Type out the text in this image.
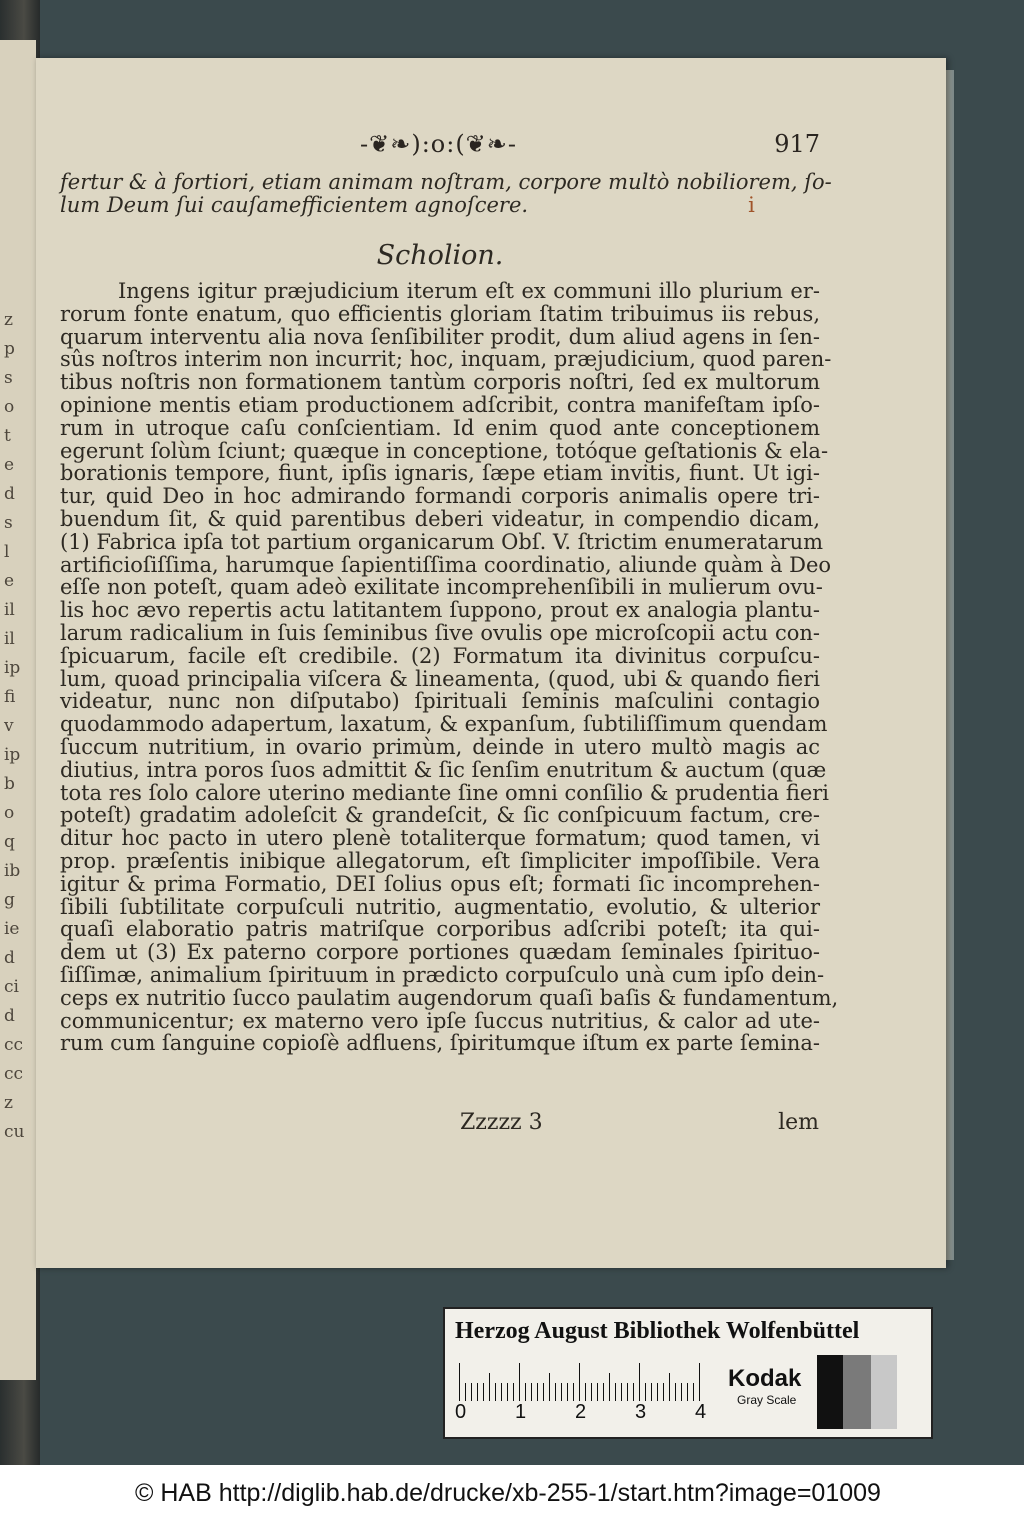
z
p
s
o
t
e
d
s
l
e
il
il
ip
fi
v
ip
b
o
q
ib
g
ie
d
ci
d
cc
cc
z
cu
-❦❧):o:(❦❧-	917
fertur & à fortiori, etiam animam noſtram, corpore multò nobiliorem, ſo-
lum Deum ſui cauſamefficientem agnoſcere.	i
Scholion.
Ingens igitur præjudicium iterum eſt ex communi illo plurium er-
rorum fonte enatum, quo efficientis gloriam ſtatim tribuimus iis rebus,
quarum interventu alia nova ſenſibiliter prodit, dum aliud agens in ſen-
sûs noſtros interim non incurrit; hoc, inquam, præjudicium, quod paren-
tibus noſtris non formationem tantùm corporis noſtri, ſed ex multorum
opinione mentis etiam productionem adſcribit, contra manifeſtam ipſo-
rum in utroque caſu conſcientiam. Id enim quod ante conceptionem
egerunt ſolùm ſciunt; quæque in conceptione, totóque geſtationis & ela-
borationis tempore, fiunt, ipſis ignaris, ſæpe etiam invitis, fiunt. Ut igi-
tur, quid Deo in hoc admirando formandi corporis animalis opere tri-
buendum ſit, & quid parentibus deberi videatur, in compendio dicam,
(1) Fabrica ipſa tot partium organicarum Obſ. V. ſtrictim enumeratarum
artificioſiſſima, harumque ſapientiſſima coordinatio, aliunde quàm à Deo
eſſe non poteſt, quam adeò exilitate incomprehenſibili in mulierum ovu-
lis hoc ævo repertis actu latitantem ſuppono, prout ex analogia plantu-
larum radicalium in ſuis ſeminibus ſive ovulis ope microſcopii actu con-
ſpicuarum, facile eſt credibile. (2) Formatum ita divinitus corpuſcu-
lum, quoad principalia viſcera & lineamenta, (quod, ubi & quando fieri
videatur, nunc non diſputabo) ſpirituali ſeminis maſculini contagio
quodammodo adapertum, laxatum, & expanſum, ſubtiliſſimum quendam
ſuccum nutritium, in ovario primùm, deinde in utero multò magis ac
diutius, intra poros ſuos admittit & ſic ſenſim enutritum & auctum (quæ
tota res ſolo calore uterino mediante ſine omni conſilio & prudentia fieri
poteſt) gradatim adoleſcit & grandeſcit, & ſic conſpicuum factum, cre-
ditur hoc pacto in utero plenè totaliterque formatum; quod tamen, vi
prop. præſentis inibique allegatorum, eſt ſimpliciter impoſſibile. Vera
igitur & prima Formatio, DEI ſolius opus eſt; formati ſic incomprehen-
ſibili ſubtilitate corpuſculi nutritio, augmentatio, evolutio, & ulterior
quaſi elaboratio patris matriſque corporibus adſcribi poteſt; ita qui-
dem ut (3) Ex paterno corpore portiones quædam ſeminales ſpirituo-
ſiſſimæ, animalium ſpirituum in prædicto corpuſculo unà cum ipſo dein-
ceps ex nutritio ſucco paulatim augendorum quaſi baſis & fundamentum,
communicentur; ex materno vero ipſe ſuccus nutritius, & calor ad ute-
rum cum ſanguine copioſè adfluens, ſpiritumque iſtum ex parte ſemina-
Zzzzz 3	lem
Herzog August Bibliothek Wolfenbüttel
0 1 2 3 4
Kodak
Gray Scale
© HAB http://diglib.hab.de/drucke/xb-255-1/start.htm?image=01009
